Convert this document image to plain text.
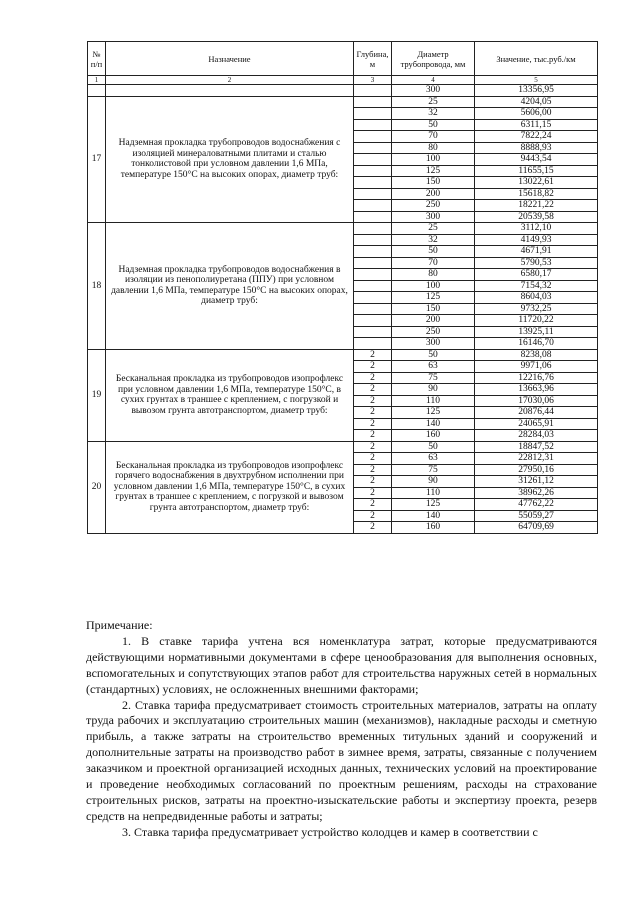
№ п/п	Назначение	Глубина, м	Диаметр трубопровода, мм	Значение, тыс.руб./км
1	2	3	4	5
			300	13356,95
17	Надземная прокладка трубопроводов водоснабжения с изоляцией минераловатными плитами и сталью тонколистовой при условном давлении 1,6 МПа, температуре 150°С на высоких опорах, диаметр труб:		25	4204,05
			32	5606,00
			50	6311,15
			70	7822,24
			80	8888,93
			100	9443,54
			125	11655,15
			150	13022,61
			200	15618,82
			250	18221,22
			300	20539,58
18	Надземная прокладка трубопроводов водоснабжения в изоляции из пенополиуретана (ППУ) при условном давлении 1,6 МПа, температуре 150°С на высоких опорах, диаметр труб:		25	3112,10
			32	4149,93
			50	4671,91
			70	5790,53
			80	6580,17
			100	7154,32
			125	8604,03
			150	9732,25
			200	11720,22
			250	13925,11
			300	16146,70
19	Бесканальная прокладка из трубопроводов изопрофлекс при условном давлении 1,6 МПа, температуре 150°С, в сухих грунтах в траншее с креплением, с погрузкой и вывозом грунта автотранспортом, диаметр труб:	2	50	8238,08
		2	63	9971,06
		2	75	12216,76
		2	90	13663,96
		2	110	17030,06
		2	125	20876,44
		2	140	24065,91
		2	160	28284,03
20	Бесканальная прокладка из трубопроводов изопрофлекс горячего водоснабжения в двухтрубном исполнении при условном давлении 1,6 МПа, температуре 150°С, в сухих грунтах в траншее с креплением, с погрузкой и вывозом грунта автотранспортом, диаметр труб:	2	50	18847,52
		2	63	22812,31
		2	75	27950,16
		2	90	31261,12
		2	110	38962,26
		2	125	47762,22
		2	140	55059,27
		2	160	64709,69

Примечание:

1. В ставке тарифа учтена вся номенклатура затрат, которые предусматриваются действующими нормативными документами в сфере ценообразования для выполнения основных, вспомогательных и сопутствующих этапов работ для строительства наружных сетей в нормальных (стандартных) условиях, не осложненных внешними факторами;

2. Ставка тарифа предусматривает стоимость строительных материалов, затраты на оплату труда рабочих и эксплуатацию строительных машин (механизмов), накладные расходы и сметную прибыль, а также затраты на строительство временных титульных зданий и сооружений и дополнительные затраты на производство работ в зимнее время, затраты, связанные с получением заказчиком и проектной организацией исходных данных, технических условий на проектирование и проведение необходимых согласований по проектным решениям, расходы на страхование строительных рисков, затраты на проектно-изыскательские работы и экспертизу проекта, резерв средств на непредвиденные работы и затраты;

3. Ставка тарифа предусматривает устройство колодцев и камер в соответствии с
